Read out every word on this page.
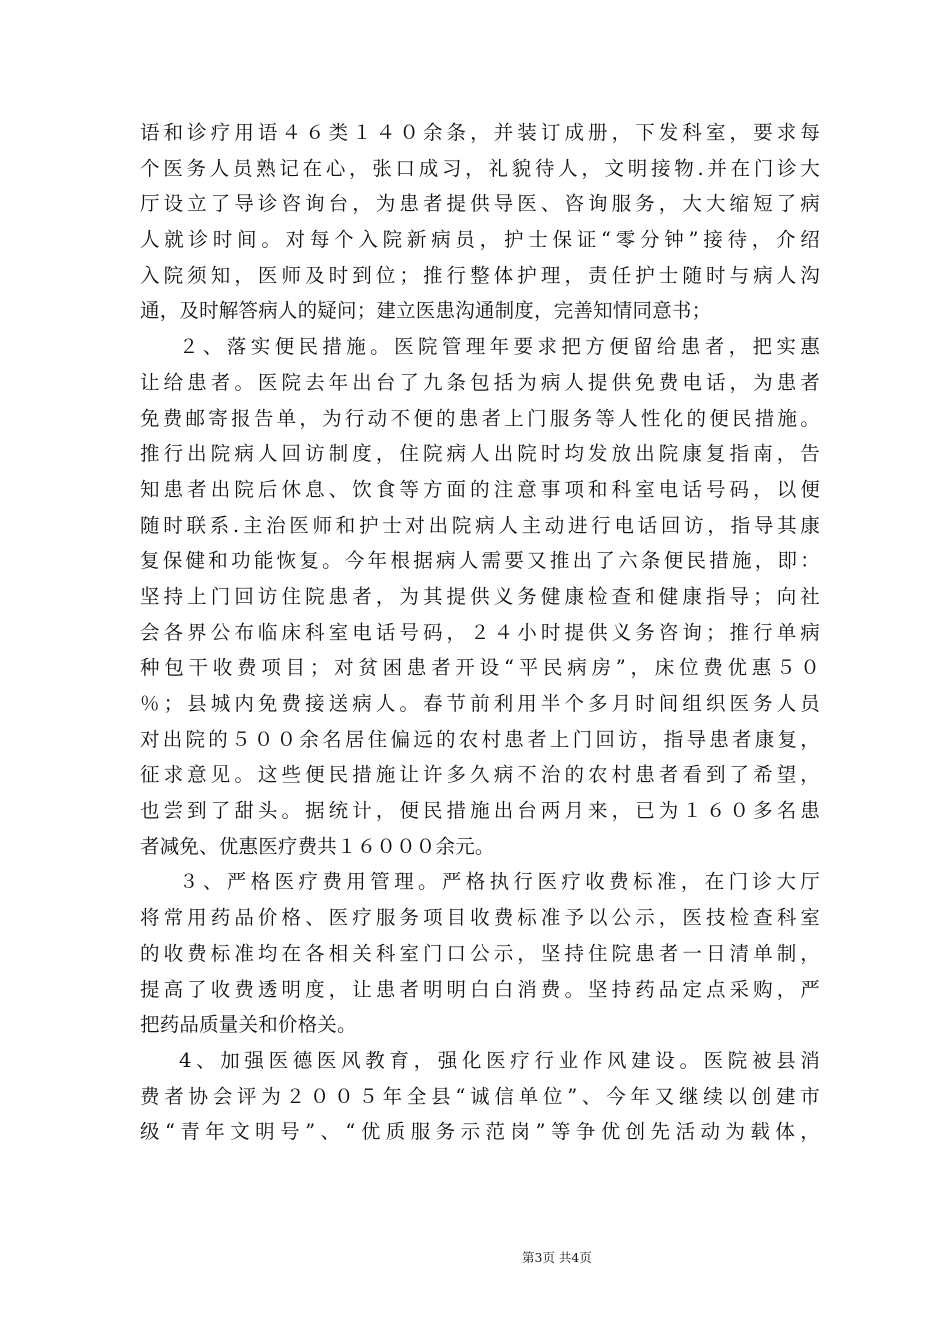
语和诊疗用语４６类１４０余条，并装订成册，下发科室，要求每
个医务人员熟记在心，张口成习，礼貌待人，文明接物.并在门诊大
厅设立了导诊咨询台，为患者提供导医、咨询服务，大大缩短了病
人就诊时间。对每个入院新病员，护士保证“零分钟”接待，介绍
入院须知，医师及时到位；推行整体护理，责任护士随时与病人沟
通，及时解答病人的疑问；建立医患沟通制度，完善知情同意书；
２、落实便民措施。医院管理年要求把方便留给患者，把实惠
让给患者。医院去年出台了九条包括为病人提供免费电话，为患者
免费邮寄报告单，为行动不便的患者上门服务等人性化的便民措施。
推行出院病人回访制度，住院病人出院时均发放出院康复指南，告
知患者出院后休息、饮食等方面的注意事项和科室电话号码，以便
随时联系.主治医师和护士对出院病人主动进行电话回访，指导其康
复保健和功能恢复。今年根据病人需要又推出了六条便民措施，即：
坚持上门回访住院患者，为其提供义务健康检查和健康指导；向社
会各界公布临床科室电话号码，２４小时提供义务咨询；推行单病
种包干收费项目；对贫困患者开设“平民病房”，床位费优惠５０
％；县城内免费接送病人。春节前利用半个多月时间组织医务人员
对出院的５００余名居住偏远的农村患者上门回访，指导患者康复，
征求意见。这些便民措施让许多久病不治的农村患者看到了希望，
也尝到了甜头。据统计，便民措施出台两月来，已为１６０多名患
者减免、优惠医疗费共１６０００余元。
３、严格医疗费用管理。严格执行医疗收费标准，在门诊大厅
将常用药品价格、医疗服务项目收费标准予以公示，医技检查科室
的收费标准均在各相关科室门口公示，坚持住院患者一日清单制，
提高了收费透明度，让患者明明白白消费。坚持药品定点采购，严
把药品质量关和价格关。
4、加强医德医风教育，强化医疗行业作风建设。医院被县消
费者协会评为２００５年全县“诚信单位”、今年又继续以创建市
级“青年文明号”、“优质服务示范岗”等争优创先活动为载体，
第3页 共4页
